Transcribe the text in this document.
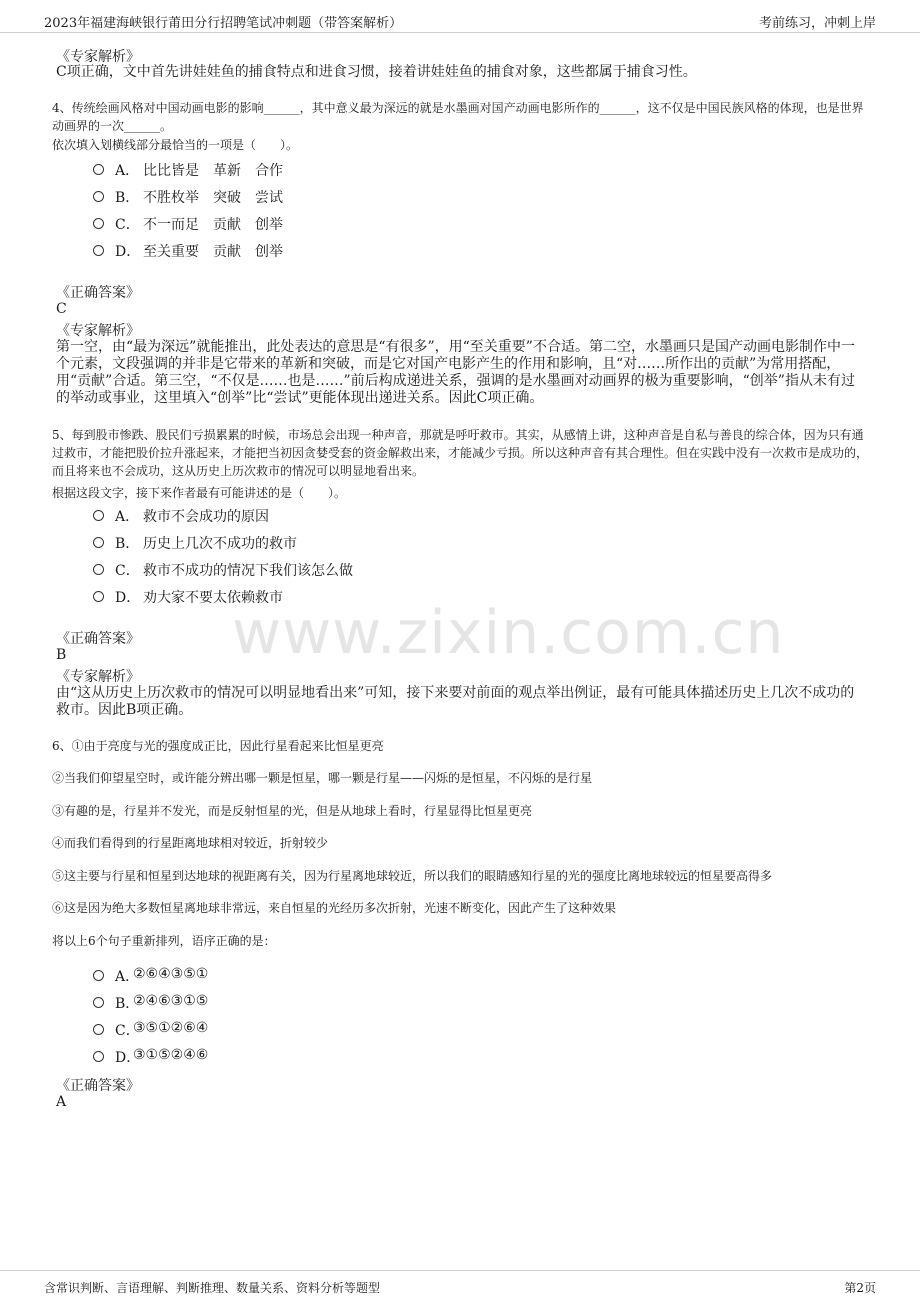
2023年福建海峡银行莆田分行招聘笔试冲刺题（带答案解析）	考前练习，冲刺上岸
《专家解析》
C项正确，文中首先讲娃娃鱼的捕食特点和进食习惯，接着讲娃娃鱼的捕食对象，这些都属于捕食习性。
4、传统绘画风格对中国动画电影的影响______，其中意义最为深远的就是水墨画对国产动画电影所作的______，这不仅是中国民族风格的体现，也是世界动画界的一次______。
依次填入划横线部分最恰当的一项是（　　）。
A． 比比皆是　革新　合作
B． 不胜枚举　突破　尝试
C． 不一而足　贡献　创举
D． 至关重要　贡献　创举
《正确答案》
C
《专家解析》
第一空，由“最为深远”就能推出，此处表达的意思是“有很多”，用“至关重要”不合适。第二空，水墨画只是国产动画电影制作中一个元素，文段强调的并非是它带来的革新和突破，而是它对国产电影产生的作用和影响，且“对……所作出的贡献”为常用搭配，用“贡献”合适。第三空，“不仅是……也是……”前后构成递进关系，强调的是水墨画对动画界的极为重要影响，“创举”指从未有过的举动或事业，这里填入“创举”比“尝试”更能体现出递进关系。因此C项正确。
5、每到股市惨跌、股民们亏损累累的时候，市场总会出现一种声音，那就是呼吁救市。其实，从感情上讲，这种声音是自私与善良的综合体，因为只有通过救市，才能把股价拉升涨起来，才能把当初因贪婪受套的资金解救出来，才能减少亏损。所以这种声音有其合理性。但在实践中没有一次救市是成功的，而且将来也不会成功，这从历史上历次救市的情况可以明显地看出来。
根据这段文字，接下来作者最有可能讲述的是（　　）。
A． 救市不会成功的原因
B． 历史上几次不成功的救市
C． 救市不成功的情况下我们该怎么做
D． 劝大家不要太依赖救市
《正确答案》
B
《专家解析》
由“这从历史上历次救市的情况可以明显地看出来”可知，接下来要对前面的观点举出例证，最有可能具体描述历史上几次不成功的救市。因此B项正确。
6、①由于亮度与光的强度成正比，因此行星看起来比恒星更亮
②当我们仰望星空时，或许能分辨出哪一颗是恒星，哪一颗是行星——闪烁的是恒星，不闪烁的是行星
③有趣的是，行星并不发光，而是反射恒星的光，但是从地球上看时，行星显得比恒星更亮
④而我们看得到的行星距离地球相对较近，折射较少
⑤这主要与行星和恒星到达地球的视距离有关，因为行星离地球较近，所以我们的眼睛感知行星的光的强度比离地球较远的恒星要高得多
⑥这是因为绝大多数恒星离地球非常远，来自恒星的光经历多次折射，光速不断变化，因此产生了这种效果
将以上6个句子重新排列，语序正确的是：
A．
②⑥④③⑤①
B．
②④⑥③①⑤
C．
③⑤①②⑥④
D．
③①⑤②④⑥
《正确答案》
A
www.zixin.com.cn
含常识判断、言语理解、判断推理、数量关系、资料分析等题型	第2页
